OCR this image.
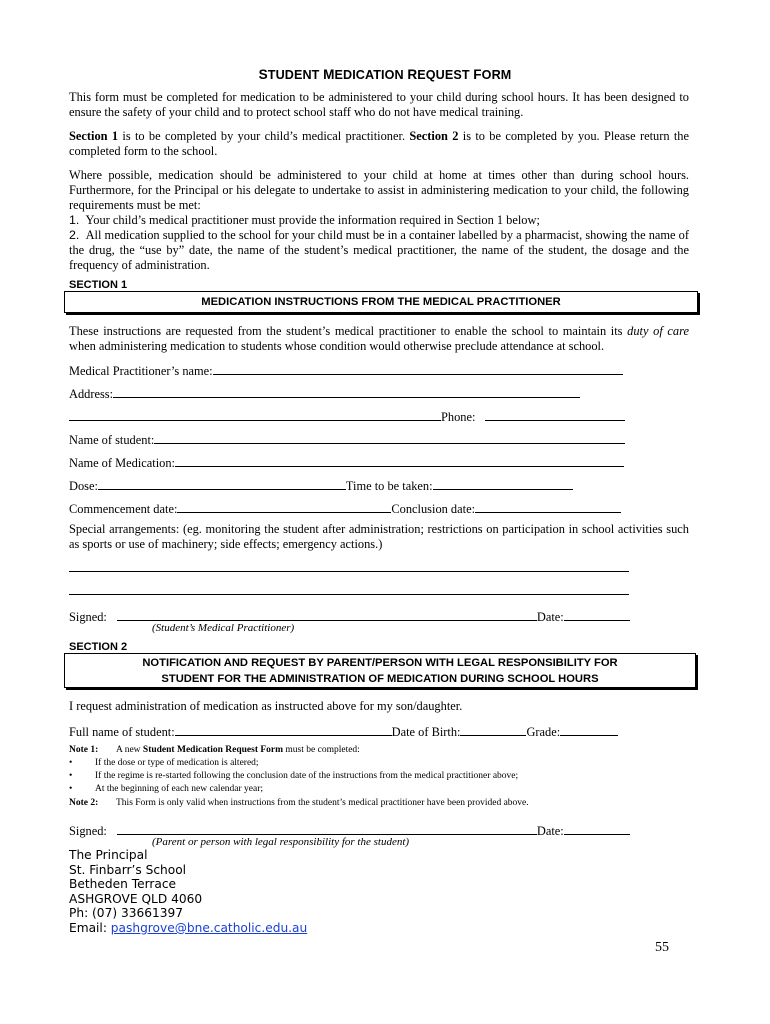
STUDENT MEDICATION REQUEST FORM
This form must be completed for medication to be administered to your child during school hours. It has been designed to ensure the safety of your child and to protect school staff who do not have medical training.
Section 1 is to be completed by your child’s medical practitioner. Section 2 is to be completed by you. Please return the completed form to the school.
Where possible, medication should be administered to your child at home at times other than during school hours. Furthermore, for the Principal or his delegate to undertake to assist in administering medication to your child, the following requirements must be met:
1. Your child’s medical practitioner must provide the information required in Section 1 below;
2. All medication supplied to the school for your child must be in a container labelled by a pharmacist, showing the name of the drug, the “use by” date, the name of the student’s medical practitioner, the name of the student, the dosage and the frequency of administration.
SECTION 1
MEDICATION INSTRUCTIONS FROM THE MEDICAL PRACTITIONER
These instructions are requested from the student’s medical practitioner to enable the school to maintain its duty of care when administering medication to students whose condition would otherwise preclude attendance at school.
Medical Practitioner’s name:
Address:
Phone:
Name of student:
Name of Medication:
Dose:	Time to be taken:
Commencement date:	Conclusion date:
Special arrangements: (eg. monitoring the student after administration; restrictions on participation in school activities such as sports or use of machinery; side effects; emergency actions.)
Signed:	Date:
(Student’s Medical Practitioner)
SECTION 2
NOTIFICATION AND REQUEST BY PARENT/PERSON WITH LEGAL RESPONSIBILITY FOR
STUDENT FOR THE ADMINISTRATION OF MEDICATION DURING SCHOOL HOURS
I request administration of medication as instructed above for my son/daughter.
Full name of student:	Date of Birth:	Grade:
Note 1: A new Student Medication Request Form must be completed:
• If the dose or type of medication is altered;
• If the regime is re-started following the conclusion date of the instructions from the medical practitioner above;
• At the beginning of each new calendar year;
Note 2: This Form is only valid when instructions from the student’s medical practitioner have been provided above.
Signed:	Date:
(Parent or person with legal responsibility for the student)
The Principal
St. Finbarr’s School
Betheden Terrace
ASHGROVE QLD 4060
Ph: (07) 33661397
Email: pashgrove@bne.catholic.edu.au
55
